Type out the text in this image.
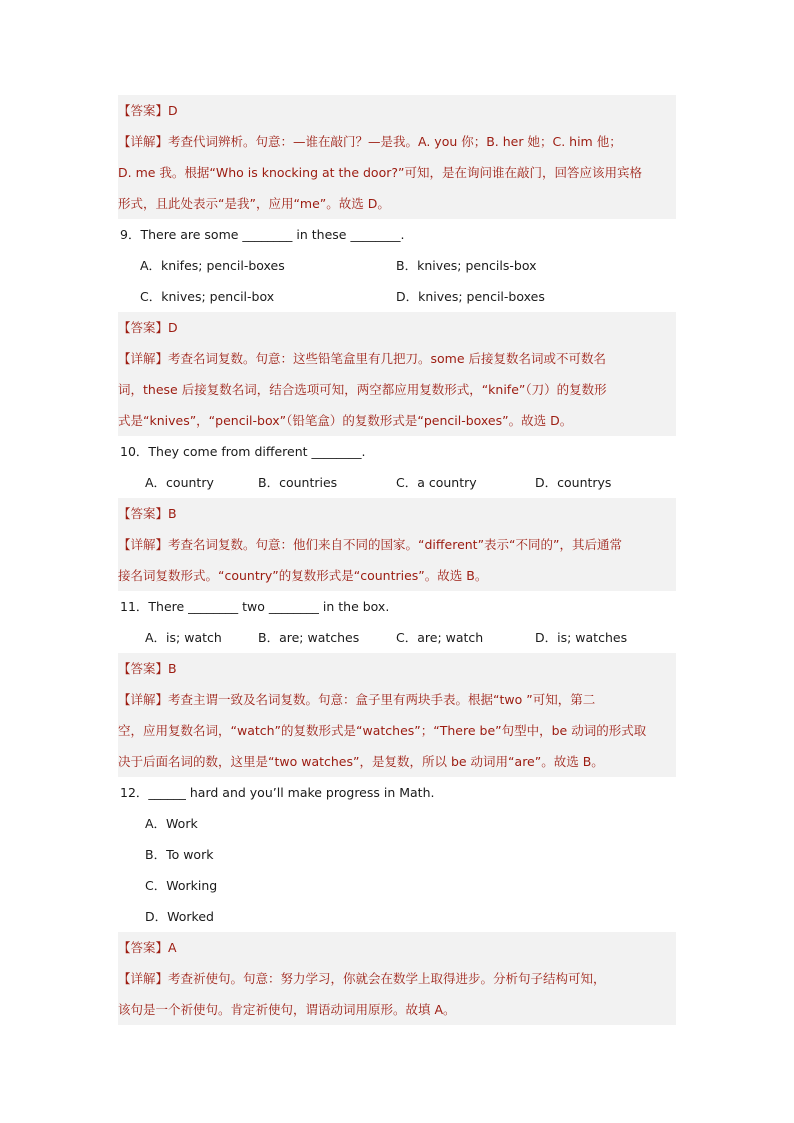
【答案】D
【详解】考查代词辨析。句意：—谁在敲门？—是我。A. you 你；B. her 她；C. him 他；
D. me 我。根据“Who is knocking at the door?”可知，是在询问谁在敲门，回答应该用宾格
形式，且此处表示“是我”，应用“me”。故选 D。
9．There are some ________ in these ________.
A．knifes; pencil-boxes	B．knives; pencils-box
C．knives; pencil-box	D．knives; pencil-boxes
【答案】D
【详解】考查名词复数。句意：这些铅笔盒里有几把刀。some 后接复数名词或不可数名
词，these 后接复数名词，结合选项可知，两空都应用复数形式，“knife”（刀）的复数形
式是“knives”，“pencil-box”（铅笔盒）的复数形式是“pencil-boxes”。故选 D。
10．They come from different ________.
A．country	B．countries	C．a country	D．countrys
【答案】B
【详解】考查名词复数。句意：他们来自不同的国家。“different”表示“不同的”，其后通常
接名词复数形式。“country”的复数形式是“countries”。故选 B。
11．There ________ two ________ in the box.
A．is; watch	B．are; watches	C．are; watch	D．is; watches
【答案】B
【详解】考查主谓一致及名词复数。句意：盒子里有两块手表。根据“two ”可知，第二
空，应用复数名词，“watch”的复数形式是“watches”；“There be”句型中，be 动词的形式取
决于后面名词的数，这里是“two watches”，是复数，所以 be 动词用“are”。故选 B。
12．______ hard and you’ll make progress in Math.
A．Work
B．To work
C．Working
D．Worked
【答案】A
【详解】考查祈使句。句意：努力学习，你就会在数学上取得进步。分析句子结构可知，
该句是一个祈使句。肯定祈使句，谓语动词用原形。故填 A。
